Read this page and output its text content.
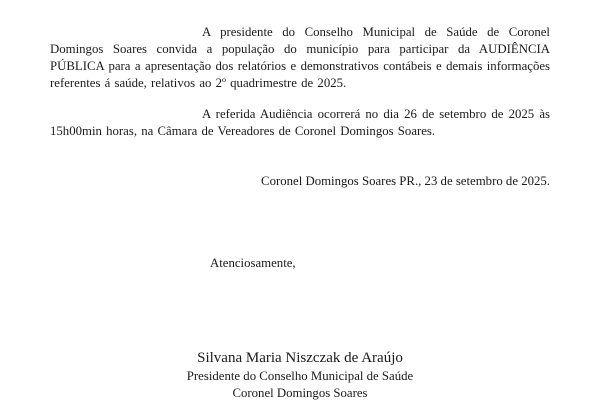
A presidente do Conselho Municipal de Saúde de Coronel Domingos Soares convida a população do município para participar da AUDIÊNCIA PÚBLICA para a apresentação dos relatórios e demonstrativos contábeis e demais informações referentes á saúde, relativos ao 2º quadrimestre de 2025.

A referida Audiência ocorrerá no dia 26 de setembro de 2025 às 15h00min horas, na Câmara de Vereadores de Coronel Domingos Soares.

Coronel Domingos Soares PR., 23 de setembro de 2025.

Atenciosamente,

Silvana Maria Niszczak de Araújo
Presidente do Conselho Municipal de Saúde
Coronel Domingos Soares
